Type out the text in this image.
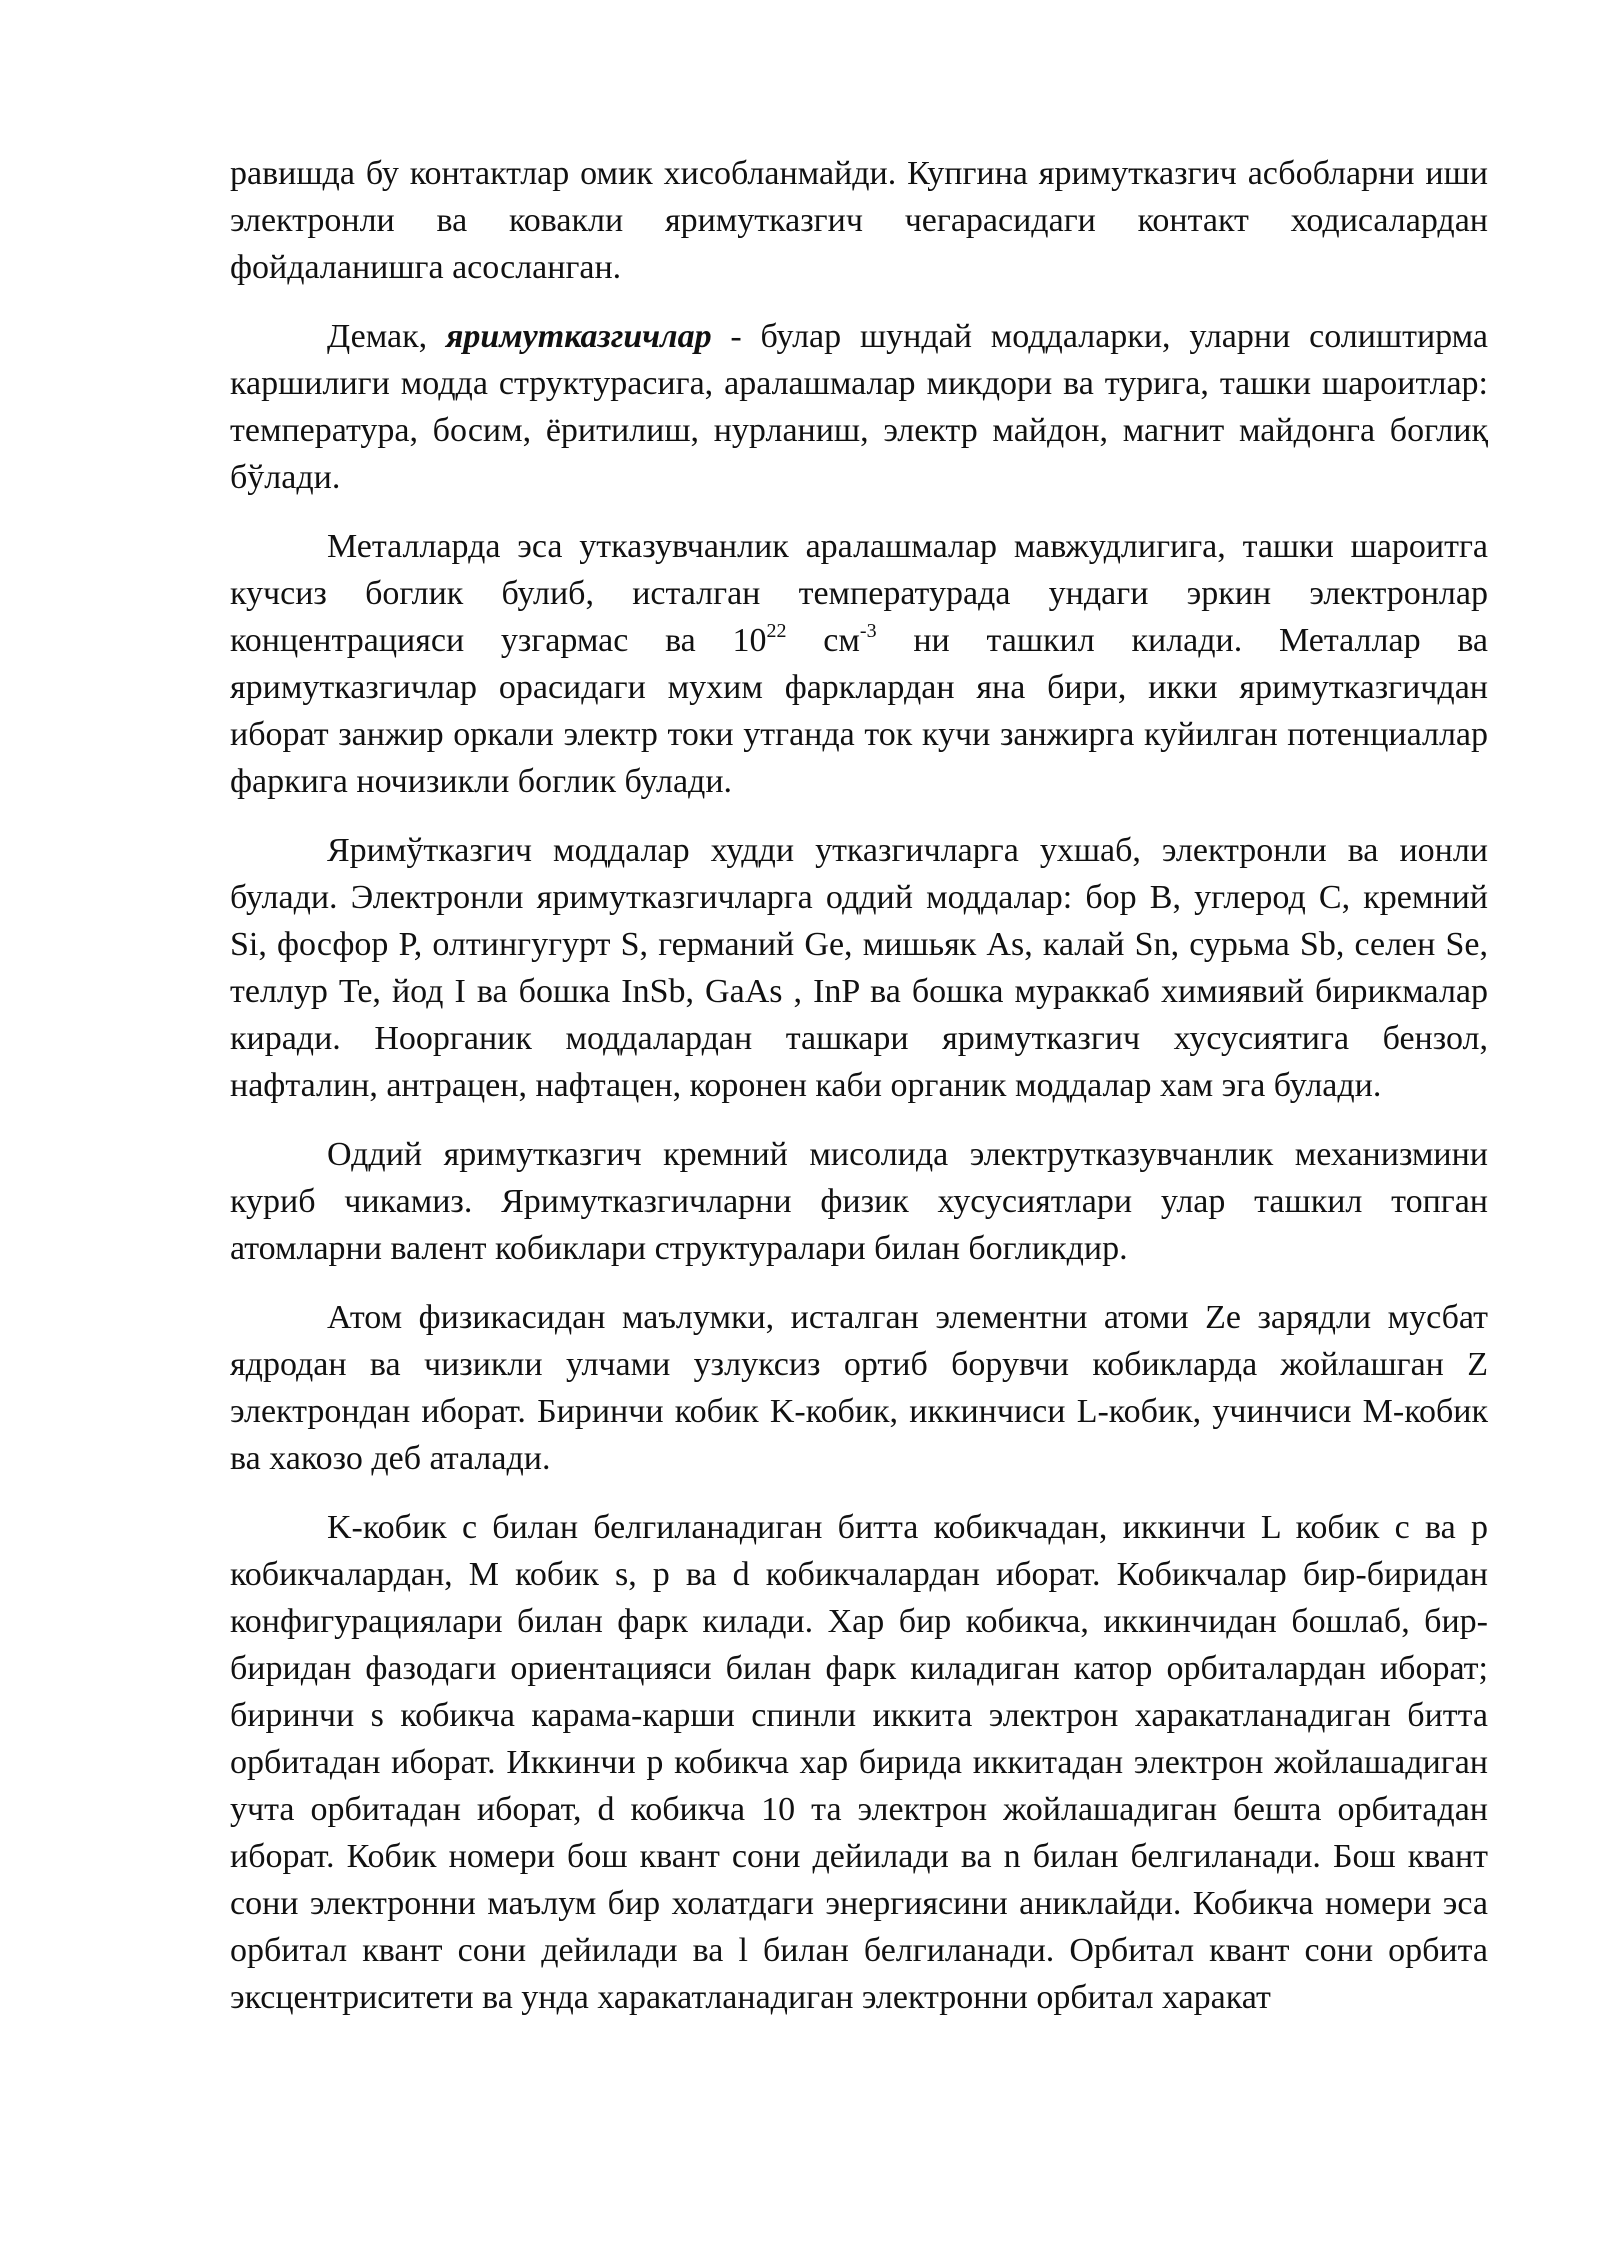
равишда бу контактлар омик хисобланмайди. Купгина яримутказгич асбобларни иши электронли ва ковакли яримутказгич чегарасидаги контакт ходисалардан фойдаланишга асосланган.

Демак, яримутказгичлар - булар шундай моддаларки, уларни солиштирма каршилиги модда структурасига, аралашмалар микдори ва турига, ташки шароитлар: температура, босим, ёритилиш, нурланиш, электр майдон, магнит майдонга боглиқ бўлади.

Металларда эса утказувчанлик аралашмалар мавжудлигига, ташки шароитга кучсиз боглик булиб, исталган температурада ундаги эркин электронлар концентрацияси узгармас ва $10^{22}$ $см^{-3}$ ни ташкил килади. Металлар ва яримутказгичлар орасидаги мухим фарклардан яна бири, икки яримутказгичдан иборат занжир оркали электр токи утганда ток кучи занжирга куйилган потенциаллар фаркига ночизикли боглик булади.

Яримўтказгич моддалар худди утказгичларга ухшаб, электронли ва ионли булади. Электронли яримутказгичларга оддий моддалар: бор B, углерод C, кремний Si, фосфор P, олтингугурт S, германий Ge, мишьяк As, калай Sn, сурьма Sb, селен Se, теллур Te, йод I ва бошка InSb, GaAs , InP ва бошка мураккаб химиявий бирикмалар киради. Ноорганик моддалардан ташкари яримутказгич хусусиятига бензол, нафталин, антрацен, нафтацен, коронен каби органик моддалар хам эга булади.

Оддий яримутказгич кремний мисолида электрутказувчанлик механизмини куриб чикамиз. Яримутказгичларни физик хусусиятлари улар ташкил топган атомларни валент кобиклари структуралари билан богликдир.

Атом физикасидан маълумки, исталган элементни атоми Ze зарядли мусбат ядродан ва чизикли улчами узлуксиз ортиб борувчи кобикларда жойлашган Z электрондан иборат. Биринчи кобик K-кобик, иккинчиси L-кобик, учинчиси M-кобик ва хакозо деб аталади.

K-кобик с билан белгиланадиган битта кобикчадан, иккинчи L кобик с ва p кобикчалардан, M кобик s, p ва d кобикчалардан иборат. Кобикчалар бир-биридан конфигурациялари билан фарк килади. Хар бир кобикча, иккинчидан бошлаб, бир-биридан фазодаги ориентацияси билан фарк киладиган катор орбиталардан иборат; биринчи s кобикча карама-карши спинли иккита электрон харакатланадиган битта орбитадан иборат. Иккинчи p кобикча хар бирида иккитадан электрон жойлашадиган учта орбитадан иборат, d кобикча 10 та электрон жойлашадиган бешта орбитадан иборат. Кобик номери бош квант сони дейилади ва n билан белгиланади. Бош квант сони электронни маълум бир холатдаги энергиясини аниклайди. Кобикча номери эса орбитал квант сони дейилади ва l билан белгиланади. Орбитал квант сони орбита эксцентриситети ва унда харакатланадиган электронни орбитал харакат
